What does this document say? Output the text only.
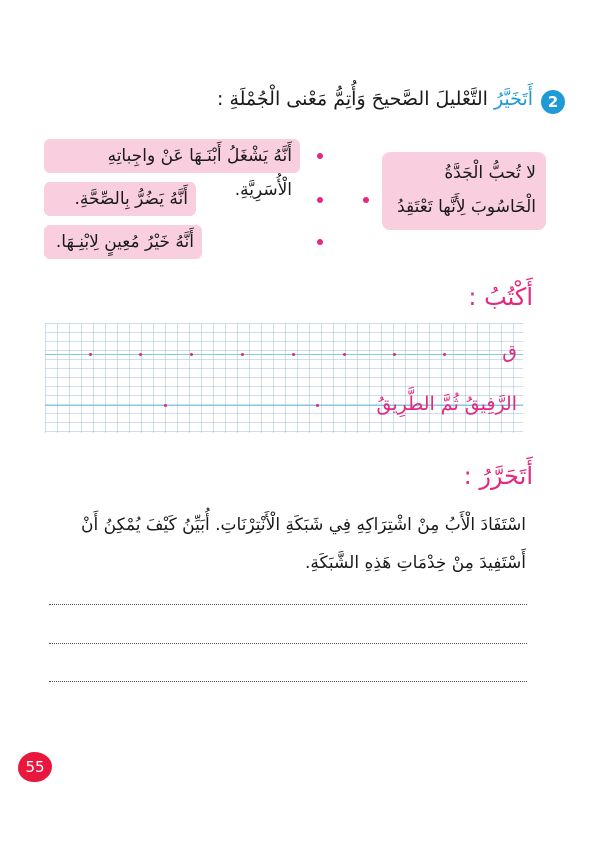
2
أَتَخَيَّرُ التَّعْليلَ الصَّحيحَ وَأُتِمُّ مَعْنى الْجُمْلَةِ :
أَنَّهُ يَشْغَلُ أَبْنَـهَا عَنْ واجِباتِهِ الْأُسَرِيَّةِ.
أَنَّهُ يَضُرُّ بِالصِّحَّةِ.
أَنَّهُ خَيْرُ مُعِينٍ لِابْنِـهَا.
لا تُحبُّ الْجَدَّةُ
الْحَاسُوبَ لِأَنَّها تَعْتَقِدُ
أَكْتُبُ :
ق
الرَّفِيقُ ثُمَّ الطَّرِيقُ
أَتَحَرَّرُ :
اسْتَفَادَ الْأَبُ مِنْ اشْتِرَاكِهِ فِي شَبَكَةِ الْأَنْتِرْنَاتِ. أُبَيِّنُ كَيْفَ يُمْكِنُ أَنْ أَسْتَفِيدَ مِنْ خِدْمَاتِ هَذِهِ الشَّبَكَةِ.
55
